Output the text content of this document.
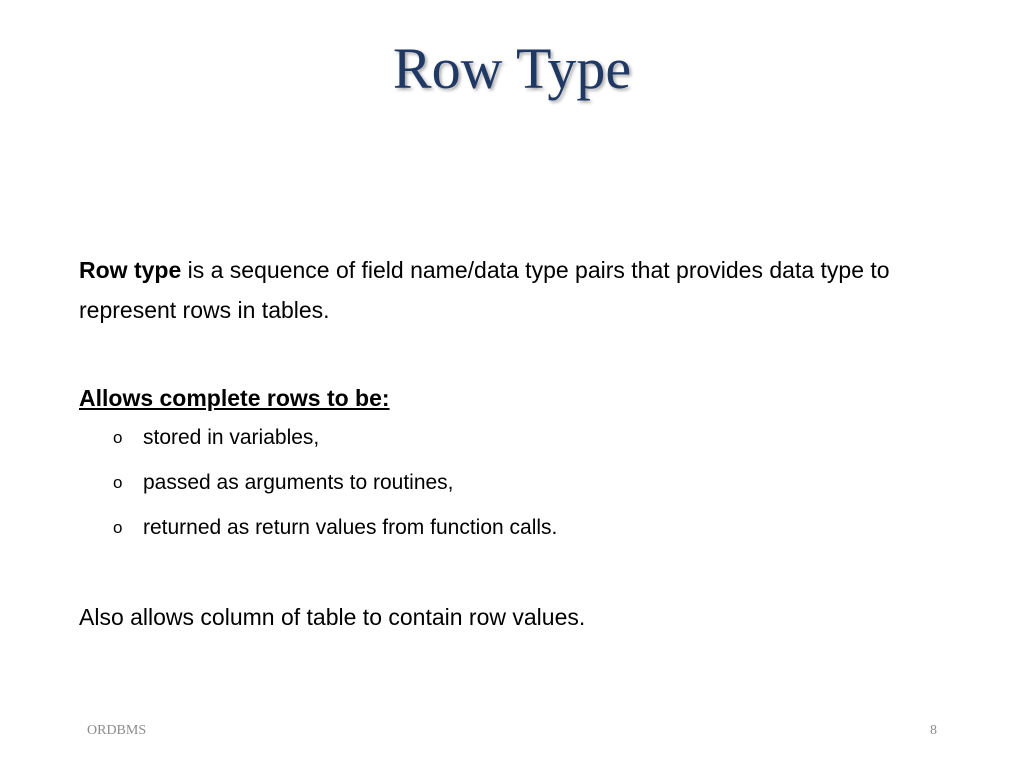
Row Type

Row type is a sequence of field name/data type pairs that provides data type to represent rows in tables.

Allows complete rows to be:

o stored in variables,
o passed as arguments to routines,
o returned as return values from function calls.

Also allows column of table to contain row values.

ORDBMS	8
